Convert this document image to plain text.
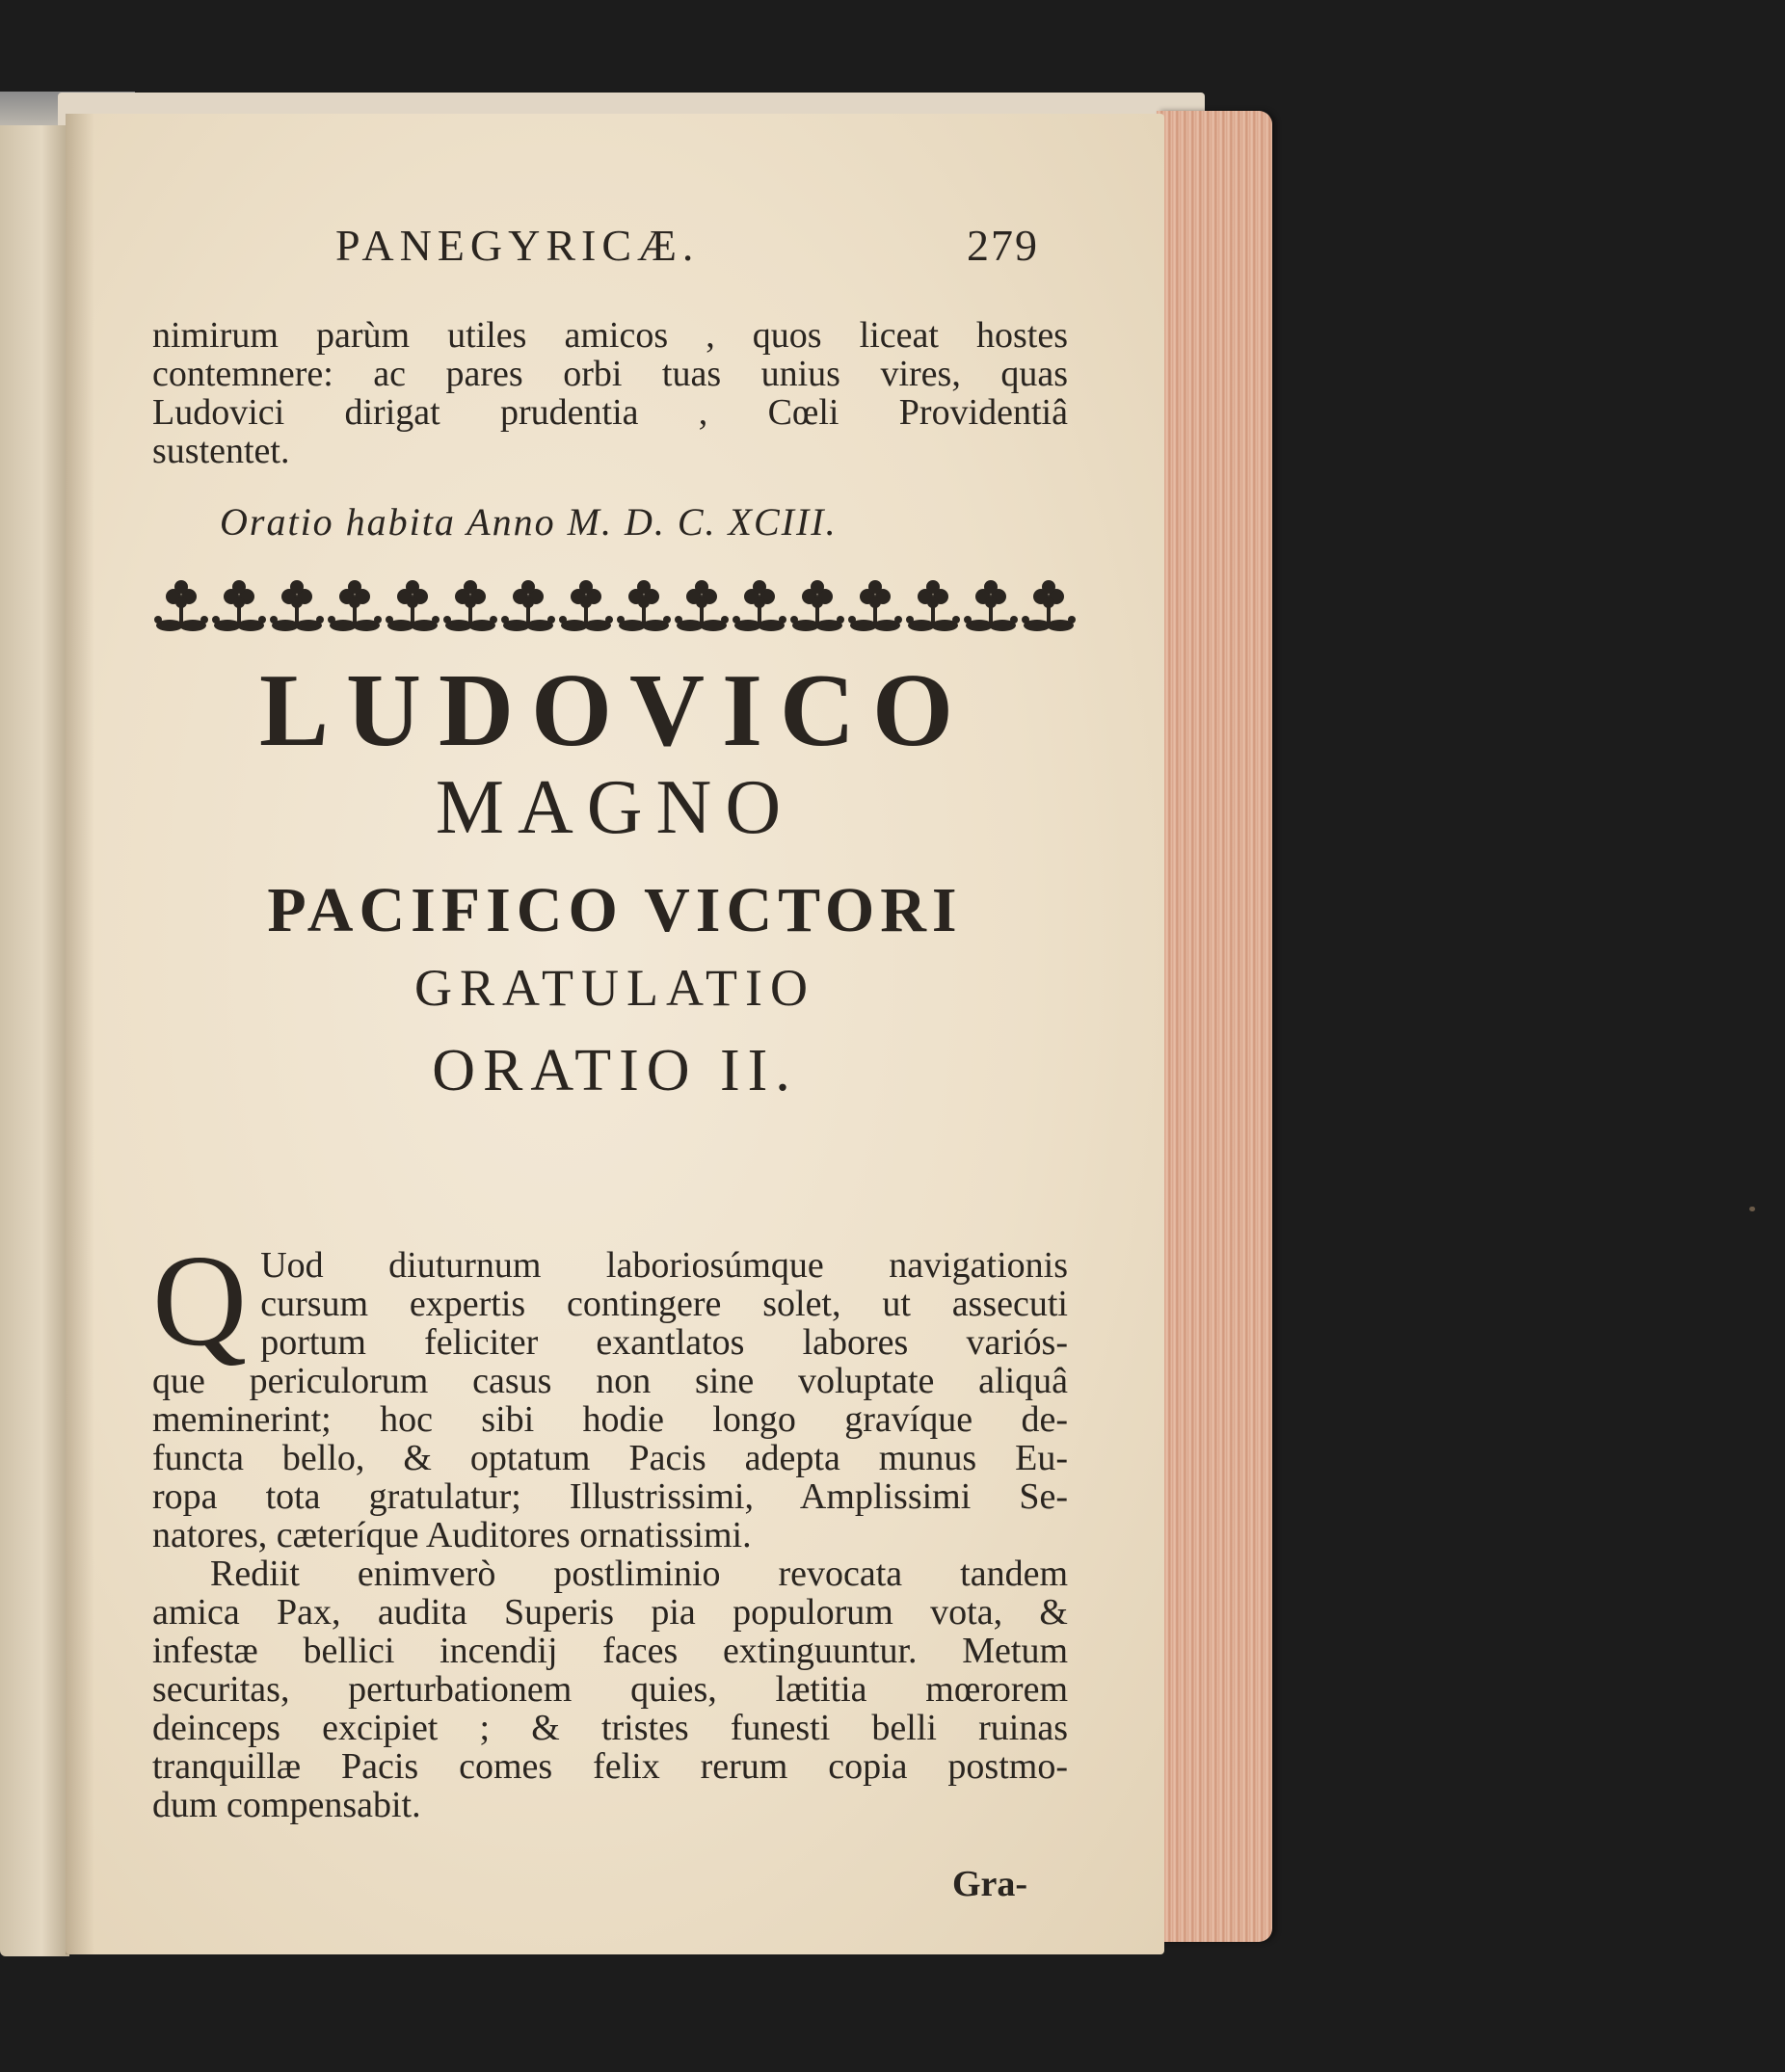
PANEGYRICÆ.	279
nimirum parùm utiles amicos , quos liceat hostes
contemnere: ac pares orbi tuas unius vires, quas
Ludovici dirigat prudentia , Cœli Providentiâ
sustentet.
Oratio habita Anno M. D. C. XCIII.
LUDOVICO
MAGNO
PACIFICO VICTORI
GRATULATIO
ORATIO II.
Q Uod diuturnum laboriosúmque navigationis
cursum expertis contingere solet, ut assecuti
portum feliciter exantlatos labores variós-
que periculorum casus non sine voluptate aliquâ
meminerint; hoc sibi hodie longo gravíque de-
functa bello, & optatum Pacis adepta munus Eu-
ropa tota gratulatur; Illustrissimi, Amplissimi Se-
natores, cæteríque Auditores ornatissimi.
Rediit enimverò postliminio revocata tandem
amica Pax, audita Superis pia populorum vota, &
infestæ bellici incendij faces extinguuntur. Metum
securitas, perturbationem quies, lætitia mœrorem
deinceps excipiet ; & tristes funesti belli ruinas
tranquillæ Pacis comes felix rerum copia postmo-
dum compensabit.
Gra-
